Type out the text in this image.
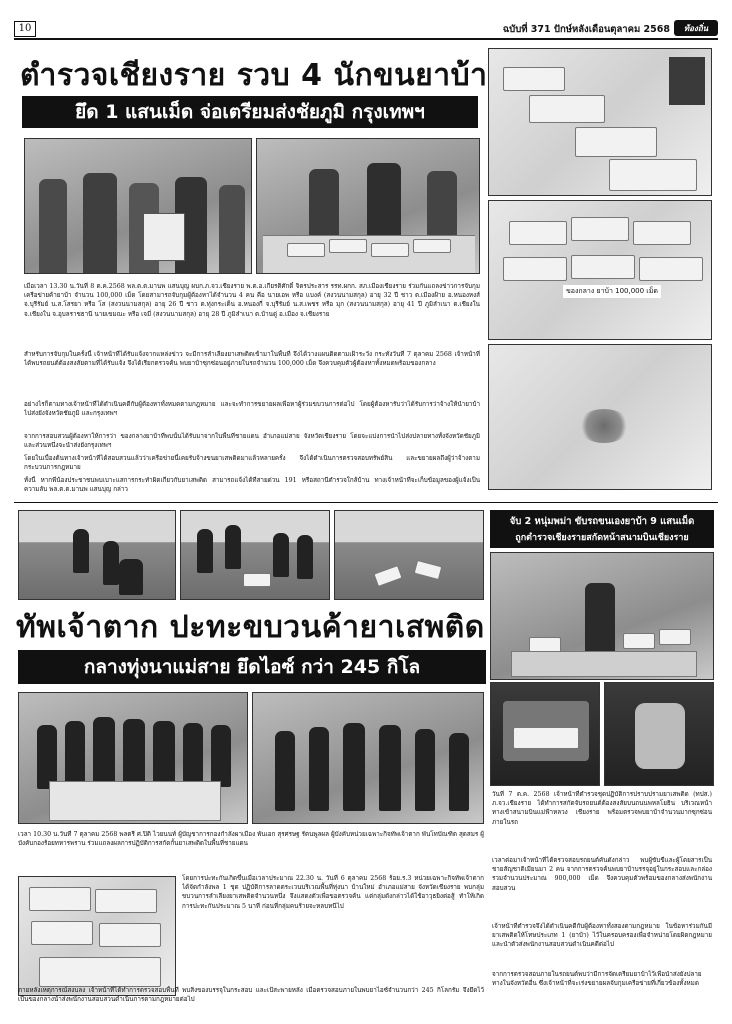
10	ฉบับที่ 371 ปักษ์หลังเดือนตุลาคม 2568	ท้องถิ่น
ตำรวจเชียงราย รวบ 4 นักขนยาบ้า
ยึด 1 แสนเม็ด จ่อเตรียมส่งชัยภูมิ กรุงเทพฯ
ของกลาง ยาบ้า 100,000 เม็ด

เมื่อเวลา 13.30 น.วันที่ 8 ต.ค.2568 พล.ต.ต.มานพ แสนบุญ ผบก.ภ.จว.เชียงราย พ.ต.อ.เกียรติศักดิ์ จิตรประสาร รรท.ผกก. สภ.เมืองเชียงราย ร่วมกันแถลงข่าวการจับกุมเครือข่ายค้ายาบ้า จำนวน 100,000 เม็ด โดยสามารถจับกุมผู้ต้องหาได้จำนวน 4 คน คือ นายเอพ หรือ แบงค์ (สงวนนามสกุล) อายุ 32 ปี ชาว ต.เมืองฝ้าย อ.หนองหงส์ จ.บุรีรัมย์ น.ส.โสรยา หรือ โส (สงวนนามสกุล) อายุ 26 ปี ชาว ต.ทุ่งกระเต็น อ.หนองกี่ จ.บุรีรัมย์ น.ส.เพชร หรือ มุก (สงวนนามสกุล) อายุ 41 ปี ภูมิลำเนา ต.เชียงใน จ.เชียงใน จ.อุบลราชธานี นายเขมณะ หรือ เจมี่ (สงวนนามสกุล) อายุ 28 ปี ภูมิลำเนา ต.บ้านดู่ อ.เมือง จ.เชียงราย

สำหรับการจับกุมในครั้งนี้ เจ้าหน้าที่ได้รับแจ้งจากแหล่งข่าว จะมีการลำเลียงยาเสพติดเข้ามาในพื้นที่ จึงได้วางแผนติดตามเฝ้าระวัง กระทั่งวันที่ 7 ตุลาคม 2568 เจ้าหน้าที่ได้พบรถยนต์ต้องสงสัยตามที่ได้รับแจ้ง จึงได้เรียกตรวจค้น พบยาบ้าซุกซ่อนอยู่ภายในรถจำนวน 100,000 เม็ด จึงควบคุมตัวผู้ต้องหาทั้งหมดพร้อมของกลาง

อย่างไรก็ตามทางเจ้าหน้าที่ได้ดำเนินคดีกับผู้ต้องหาทั้งหมดตามกฎหมาย และจะทำการขยายผลเพื่อหาผู้ร่วมขบวนการต่อไป โดยผู้ต้องหารับว่าได้รับการว่าจ้างให้นำยาบ้าไปส่งยังจังหวัดชัยภูมิ และกรุงเทพฯ

จากการสอบสวนผู้ต้องหาให้การว่า ของกลางยาบ้าที่พบนั้นได้รับมาจากในพื้นที่ชายแดน อำเภอแม่สาย จังหวัดเชียงราย โดยจะแบ่งการนำไปส่งปลายทางทั้งจังหวัดชัยภูมิ และส่วนหนึ่งจะนำส่งยังกรุงเทพฯ

โดยในเบื้องต้นทางเจ้าหน้าที่ได้สอบสวนแล้วว่าเครือข่ายนี้เคยรับจ้างขนยาเสพติดมาแล้วหลายครั้ง จึงได้ดำเนินการตรวจสอบทรัพย์สิน และขยายผลถึงผู้ว่าจ้างตามกระบวนการกฎหมาย

ทั้งนี้ หากพี่น้องประชาชนพบเบาะแสการกระทำผิดเกี่ยวกับยาเสพติด สามารถแจ้งได้ที่สายด่วน 191 หรือสถานีตำรวจใกล้บ้าน ทางเจ้าหน้าที่จะเก็บข้อมูลของผู้แจ้งเป็นความลับ พล.ต.ต.มานพ แสนบุญ กล่าว

ทัพเจ้าตาก ปะทะขบวนค้ายาเสพติด
กลางทุ่งนาแม่สาย ยึดไอซ์ กว่า 245 กิโล

เวลา 10.30 น.วันที่ 7 ตุลาคม 2568 พลตรี ศ.ปิติ ไวยนนท์ ผู้บัญชาการกองกำลังผาเมือง พันเอก สุรศรษฐ รัตนพูลผล ผู้บังคับหน่วยเฉพาะกิจทัพเจ้าตาก พันโทบัณฑิต สุดสมร ผู้บังคับกองร้อยทหารพราน ร่วมแถลงผลการปฏิบัติการสกัดกั้นยาเสพติดในพื้นที่ชายแดน

โดยการปะทะกันเกิดขึ้นเมื่อเวลาประมาณ 22.30 น. วันที่ 6 ตุลาคม 2568 ร้อย.ร.3 หน่วยเฉพาะกิจทัพเจ้าตาก ได้จัดกำลังพล 1 ชุด ปฏิบัติการลาดตระเวนบริเวณพื้นที่ทุ่งนา บ้านใหม่ อำเภอแม่สาย จังหวัดเชียงราย พบกลุ่มขบวนการลำเลียงยาเสพติดจำนวนหนึ่ง จึงแสดงตัวเพื่อขอตรวจค้น แต่กลุ่มดังกล่าวได้ใช้อาวุธยิงต่อสู้ ทำให้เกิดการปะทะกันประมาณ 5 นาที ก่อนที่กลุ่มคนร้ายจะหลบหนีไป

ภายหลังเหตุการณ์สงบลง เจ้าหน้าที่ได้ทำการตรวจสอบพื้นที่ พบสิ่งของบรรจุในกระสอบ และเป้สะพายหลัง เมื่อตรวจสอบภายในพบยาไอซ์จำนวนกว่า 245 กิโลกรัม จึงยึดไว้เป็นของกลางนำส่งพนักงานสอบสวนดำเนินการตามกฎหมายต่อไป

จับ 2 หนุ่มพม่า ขับรถขนเองยาบ้า 9 แสนเม็ด
ถูกตำรวจเชียงรายสกัดหน้าสนามบินเชียงราย

วันที่ 7 ต.ค. 2568 เจ้าหน้าที่ตำรวจชุดปฏิบัติการปราบปรามยาเสพติด (ทปส.) ภ.จว.เชียงราย ได้ทำการสกัดจับรถยนต์ต้องสงสัยบนถนนพหลโยธิน บริเวณหน้าทางเข้าสนามบินแม่ฟ้าหลวง เชียงราย พร้อมตรวจพบยาบ้าจำนวนมากซุกซ่อนภายในรถ

เวลาต่อมาเจ้าหน้าที่ได้ตรวจสอบรถยนต์คันดังกล่าว พบผู้ขับขี่และผู้โดยสารเป็นชายสัญชาติเมียนมา 2 คน จากการตรวจค้นพบยาบ้าบรรจุอยู่ในกระสอบและกล่อง รวมจำนวนประมาณ 900,000 เม็ด จึงควบคุมตัวพร้อมของกลางส่งพนักงานสอบสวน

เจ้าหน้าที่ตำรวจจึงได้ดำเนินคดีกับผู้ต้องหาทั้งสองตามกฎหมาย ในข้อหาร่วมกันมียาเสพติดให้โทษประเภท 1 (ยาบ้า) ไว้ในครอบครองเพื่อจำหน่ายโดยผิดกฎหมาย และนำตัวส่งพนักงานสอบสวนดำเนินคดีต่อไป

จากการตรวจสอบภายในรถยนต์พบว่ามีการจัดเตรียมยาบ้าไว้เพื่อนำส่งยังปลายทางในจังหวัดอื่น ซึ่งเจ้าหน้าที่จะเร่งขยายผลจับกุมเครือข่ายที่เกี่ยวข้องทั้งหมด
